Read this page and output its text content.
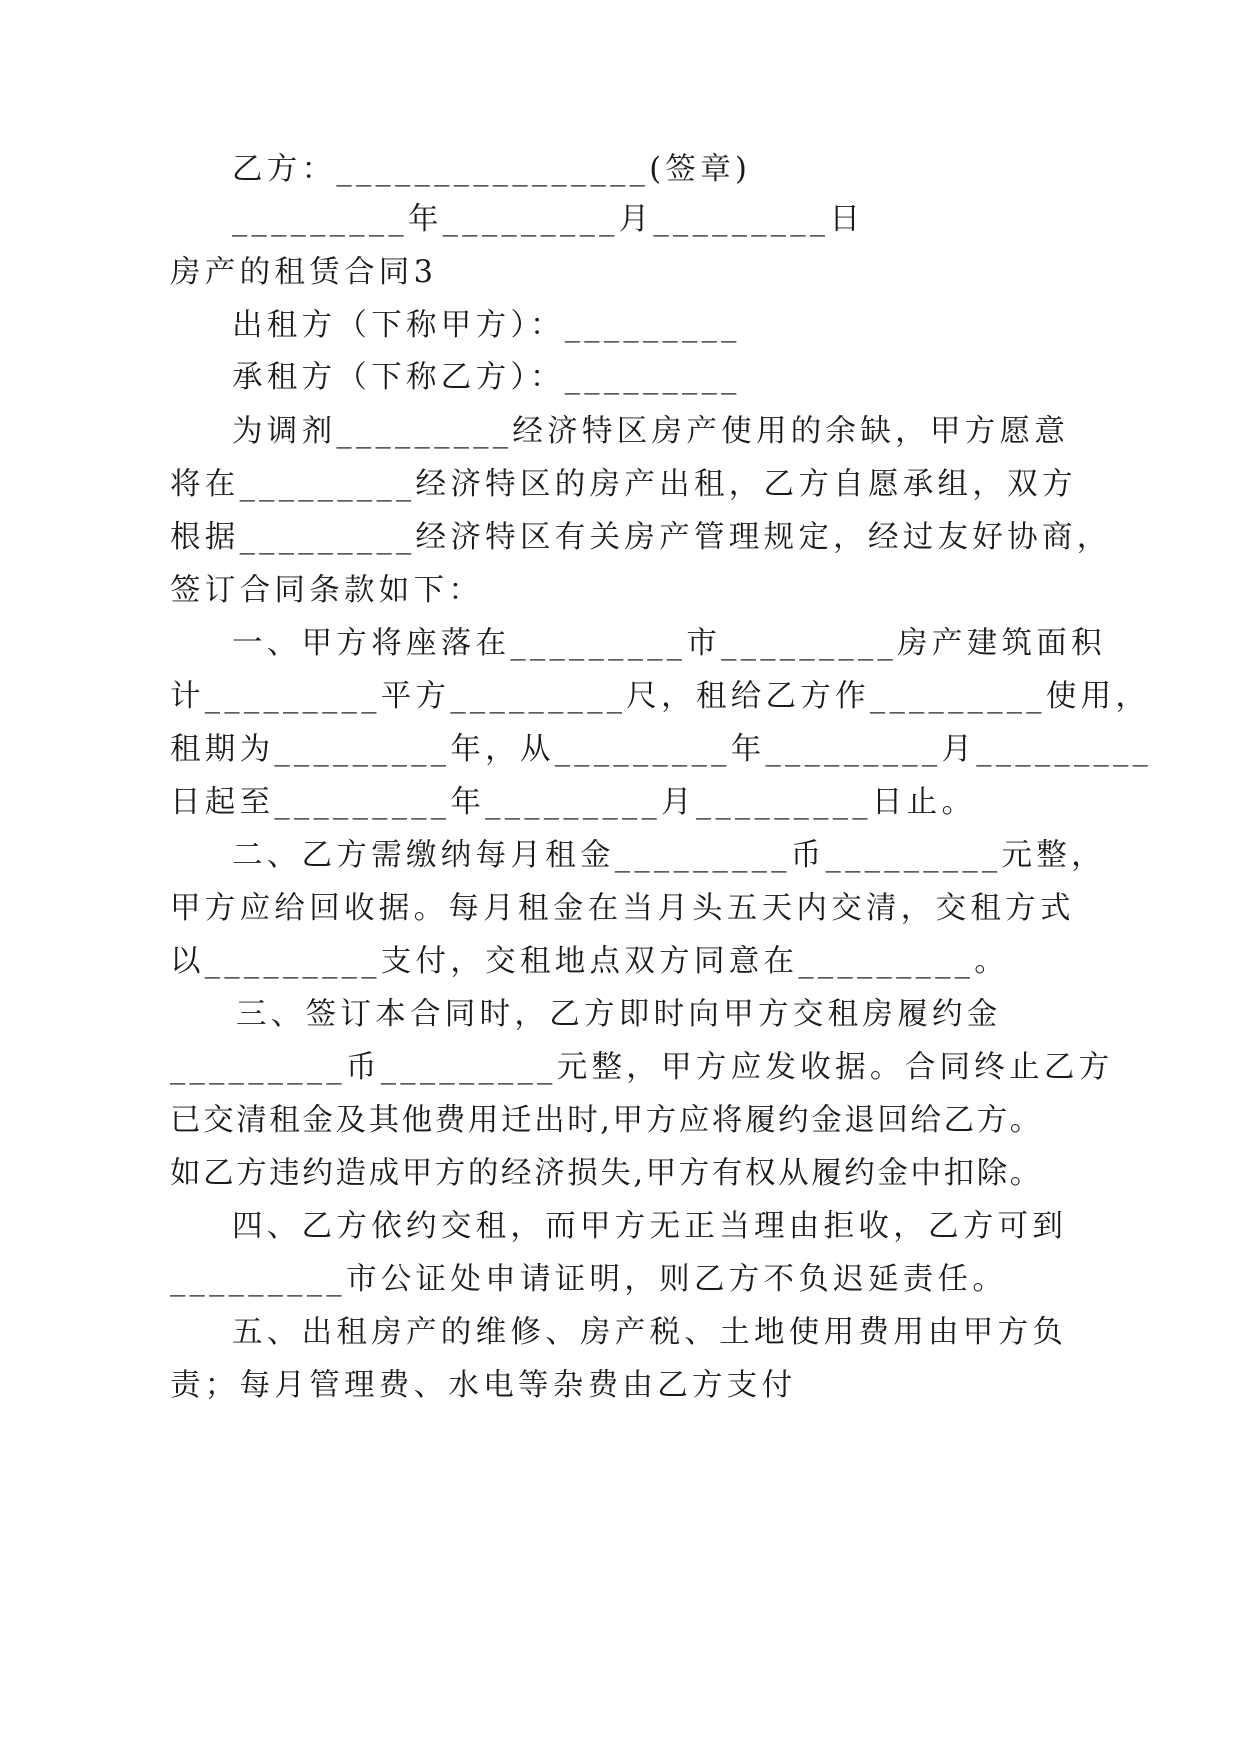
乙方：________________(签章)
_________年_________月_________日
房产的租赁合同3
出租方（下称甲方）：_________
承租方（下称乙方）：_________
为调剂_________经济特区房产使用的余缺，甲方愿意
将在_________经济特区的房产出租，乙方自愿承组，双方
根据_________经济特区有关房产管理规定，经过友好协商，
签订合同条款如下：
一、甲方将座落在_________市_________房产建筑面积
计_________平方_________尺，租给乙方作_________使用，
租期为_________年，从_________年_________月_________
日起至_________年_________月_________日止。
二、乙方需缴纳每月租金_________币_________元整，
甲方应给回收据。每月租金在当月头五天内交清，交租方式
以_________支付，交租地点双方同意在_________。
三、签订本合同时，乙方即时向甲方交租房履约金
_________币_________元整，甲方应发收据。合同终止乙方
已交清租金及其他费用迁出时,甲方应将履约金退回给乙方。
如乙方违约造成甲方的经济损失,甲方有权从履约金中扣除。
四、乙方依约交租，而甲方无正当理由拒收，乙方可到
_________市公证处申请证明，则乙方不负迟延责任。
五、出租房产的维修、房产税、土地使用费用由甲方负
责；每月管理费、水电等杂费由乙方支付
